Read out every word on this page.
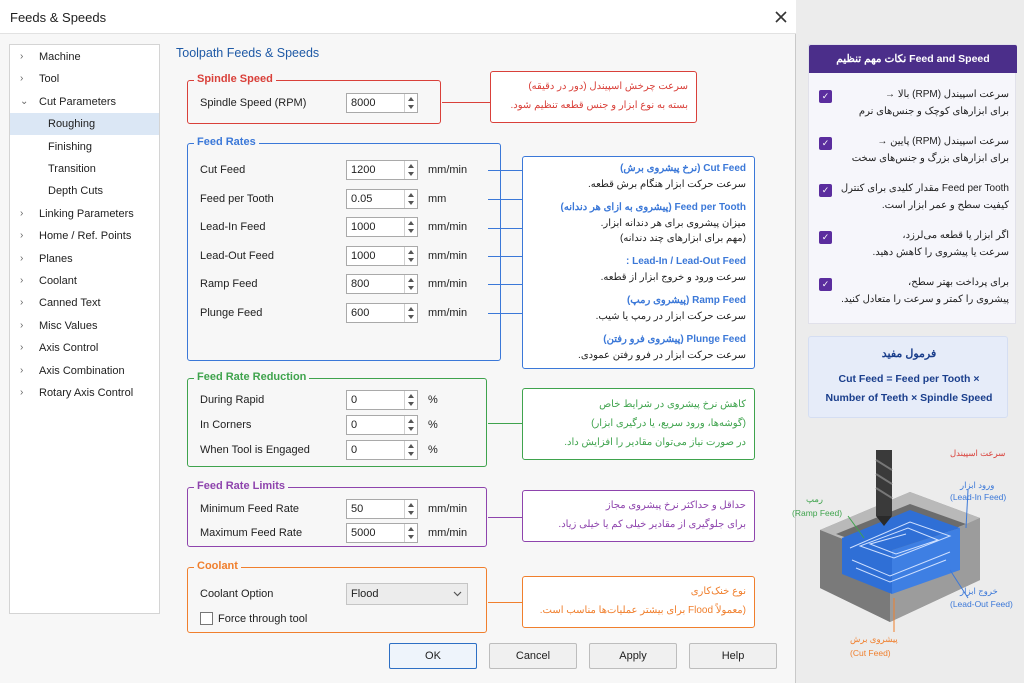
Feeds & Speeds
›	Machine
›	Tool
⌄ Cut Parameters
Roughing
Finishing
Transition
Depth Cuts
›	Linking Parameters
›	Home / Ref. Points
›	Planes
›	Coolant
›	Canned Text
›	Misc Values
›	Axis Control
›	Axis Combination
›	Rotary Axis Control
Toolpath Feeds & Speeds
Spindle Speed
Spindle Speed (RPM)	8000
سرعت چرخش اسپیندل (دور در دقیقه)
بسته به نوع ابزار و جنس قطعه تنظیم شود.
Feed Rates
Cut Feed	1200	mm/min
Feed per Tooth	0.05	mm
Lead-In Feed	1000	mm/min
Lead-Out Feed	1000	mm/min
Ramp Feed	800	mm/min
Plunge Feed	600	mm/min
Cut Feed (نرخ پیشروی برش)
سرعت حرکت ابزار هنگام برش قطعه.
Feed per Tooth (پیشروی به ازای هر دندانه)
میزان پیشروی برای هر دندانه ابزار.
(مهم برای ابزارهای چند دندانه)
Lead-In / Lead-Out Feed :
سرعت ورود و خروج ابزار از قطعه.
Ramp Feed (پیشروی رمپ)
سرعت حرکت ابزار در رمپ یا شیب.
Plunge Feed (پیشروی فرو رفتن)
سرعت حرکت ابزار در فرو رفتن عمودی.
Feed Rate Reduction
During Rapid	0	%
In Corners	0	%
When Tool is Engaged	0	%
کاهش نرخ پیشروی در شرایط خاص
(گوشه‌ها، ورود سریع، یا درگیری ابزار)
در صورت نیاز می‌توان مقادیر را افزایش داد.
Feed Rate Limits
Minimum Feed Rate	50	mm/min
Maximum Feed Rate	5000	mm/min
حداقل و حداکثر نرخ پیشروی مجاز
برای جلوگیری از مقادیر خیلی کم یا خیلی زیاد.
Coolant
Coolant Option	Flood
Force through tool
نوع خنک‌کاری
(معمولاً Flood برای بیشتر عملیات‌ها مناسب است.
OK	Cancel	Apply	Help
نکات مهم تنظیم Feed and Speed
✓	سرعت اسپیندل (RPM) بالا →
برای ابزارهای کوچک و جنس‌های نرم
✓	سرعت اسپیندل (RPM) پایین →
برای ابزارهای بزرگ و جنس‌های سخت
✓ Feed per Tooth مقدار کلیدی برای کنترل
کیفیت سطح و عمر ابزار است.
✓	اگر ابزار یا قطعه می‌لرزد،
سرعت یا پیشروی را کاهش دهید.
✓	برای پرداخت بهتر سطح،
پیشروی را کمتر و سرعت را متعادل کنید.
فرمول مفید
Cut Feed = Feed per Tooth ×
Number of Teeth × Spindle Speed
سرعت اسپیندل
رمپ
(Ramp Feed)
ورود ابزار
(Lead-In Feed)
خروج ابزار
(Lead-Out Feed)
پیشروی برش
(Cut Feed)
